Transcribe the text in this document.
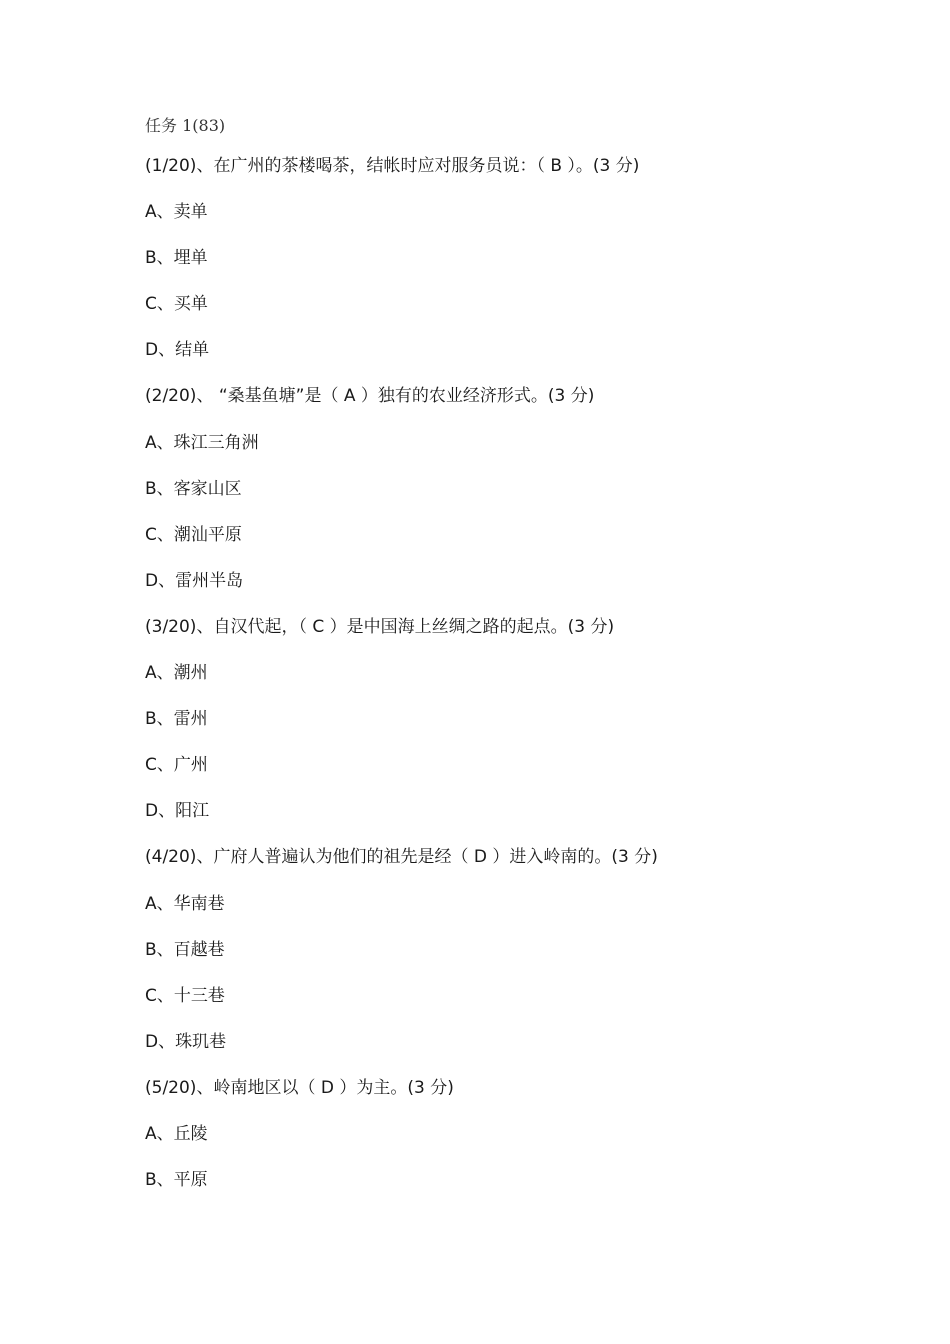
任务 1(83)
(1/20)、在广州的茶楼喝茶，结帐时应对服务员说：（ B ）。(3 分)
A、卖单
B、埋单
C、买单
D、结单
(2/20)、 “桑基鱼塘”是（ A ）独有的农业经济形式。(3 分)
A、珠江三角洲
B、客家山区
C、潮汕平原
D、雷州半岛
(3/20)、自汉代起，（ C ）是中国海上丝绸之路的起点。(3 分)
A、潮州
B、雷州
C、广州
D、阳江
(4/20)、广府人普遍认为他们的祖先是经（ D ）进入岭南的。(3 分)
A、华南巷
B、百越巷
C、十三巷
D、珠玑巷
(5/20)、岭南地区以（ D ）为主。(3 分)
A、丘陵
B、平原
